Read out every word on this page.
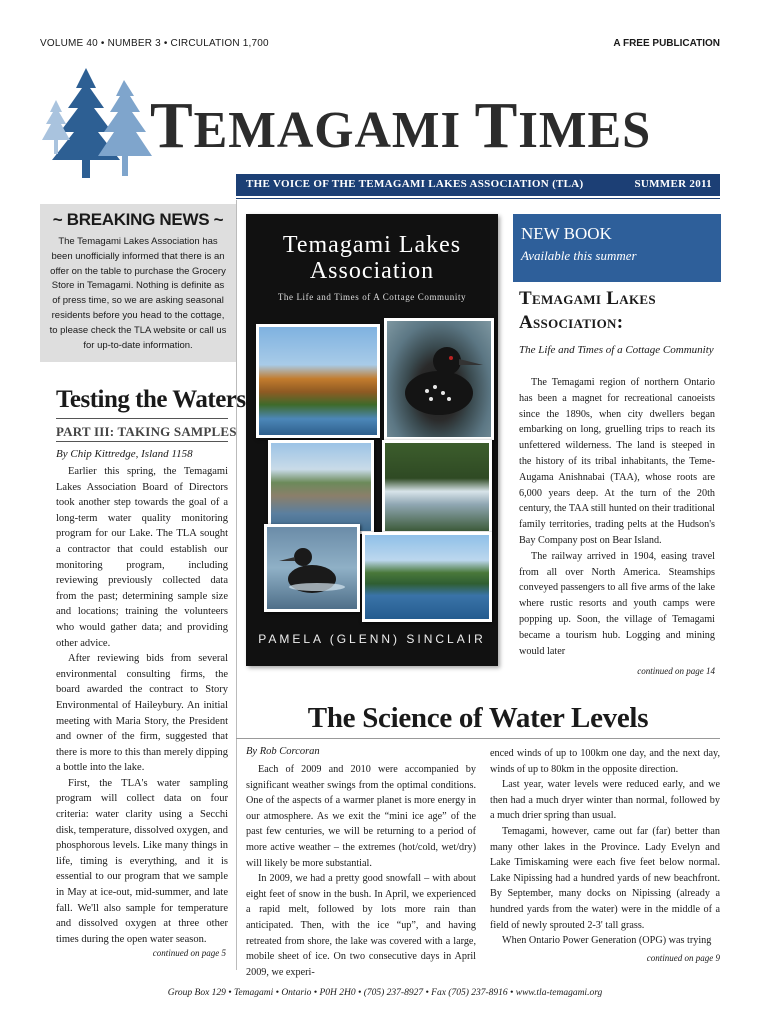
VOLUME 40 • NUMBER 3 • CIRCULATION 1,700	A FREE PUBLICATION
TEMAGAMI TIMES
THE VOICE OF THE TEMAGAMI LAKES ASSOCIATION (TLA)	SUMMER 2011
~ BREAKING NEWS ~
The Temagami Lakes Association has been unofficially informed that there is an offer on the table to purchase the Grocery Store in Temagami. Nothing is definite as of press time, so we are asking seasonal residents before you head to the cottage, to please check the TLA website or call us for up-to-date information.
Testing the Waters
PART III: TAKING SAMPLES
By Chip Kittredge, Island 1158

Earlier this spring, the Temagami Lakes Association Board of Directors took another step towards the goal of a long-term water quality monitoring program for our Lake. The TLA sought a contractor that could establish our monitoring program, including reviewing previously collected data from the past; determining sample size and locations; training the volunteers who would gather data; and providing other advice.

After reviewing bids from several environmental consulting firms, the board awarded the contract to Story Environmental of Haileybury. An initial meeting with Maria Story, the President and owner of the firm, suggested that there is more to this than merely dipping a bottle into the lake.

First, the TLA's water sampling program will collect data on four criteria: water clarity using a Secchi disk, temperature, dissolved oxygen, and phosphorous levels. Like many things in life, timing is everything, and it is essential to our program that we sample in May at ice-out, mid-summer, and late fall. We'll also sample for temperature and dissolved oxygen at three other times during the open water season.

continued on page 5
Temagami Lakes
Association
The Life and Times of A Cottage Community
PAMELA (GLENN) SINCLAIR
NEW BOOK
Available this summer
Temagami Lakes
Association:
The Life and Times of a Cottage Community

The Temagami region of northern Ontario has been a magnet for recreational canoeists since the 1890s, when city dwellers began embarking on long, gruelling trips to reach its unfettered wilderness. The land is steeped in the history of its tribal inhabitants, the Teme-Augama Anishnabai (TAA), whose roots are 6,000 years deep. At the turn of the 20th century, the TAA still hunted on their traditional family territories, trading pelts at the Hudson's Bay Company post on Bear Island.

The railway arrived in 1904, easing travel from all over North America. Steamships conveyed passengers to all five arms of the lake where rustic resorts and youth camps were popping up. Soon, the village of Temagami became a tourism hub. Logging and mining would later

continued on page 14
The Science of Water Levels
By Rob Corcoran

Each of 2009 and 2010 were accompanied by significant weather swings from the optimal conditions. One of the aspects of a warmer planet is more energy in our atmosphere. As we exit the “mini ice age” of the past few centuries, we will be returning to a period of more active weather – the extremes (hot/cold, wet/dry) will likely be more substantial.

In 2009, we had a pretty good snowfall – with about eight feet of snow in the bush. In April, we experienced a rapid melt, followed by lots more rain than anticipated. Then, with the ice “up”, and having retreated from shore, the lake was covered with a large, mobile sheet of ice. On two consecutive days in April 2009, we experi-

enced winds of up to 100km one day, and the next day, winds of up to 80km in the opposite direction.

Last year, water levels were reduced early, and we then had a much dryer winter than normal, followed by a much drier spring than usual.

Temagami, however, came out far (far) better than many other lakes in the Province. Lady Evelyn and Lake Timiskaming were each five feet below normal. Lake Nipissing had a hundred yards of new beachfront. By September, many docks on Nipissing (already a hundred yards from the water) were in the middle of a field of newly sprouted 2-3' tall grass.

When Ontario Power Generation (OPG) was trying

continued on page 9
Group Box 129 • Temagami • Ontario • P0H 2H0 • (705) 237-8927 • Fax (705) 237-8916 • www.tla-temagami.org
